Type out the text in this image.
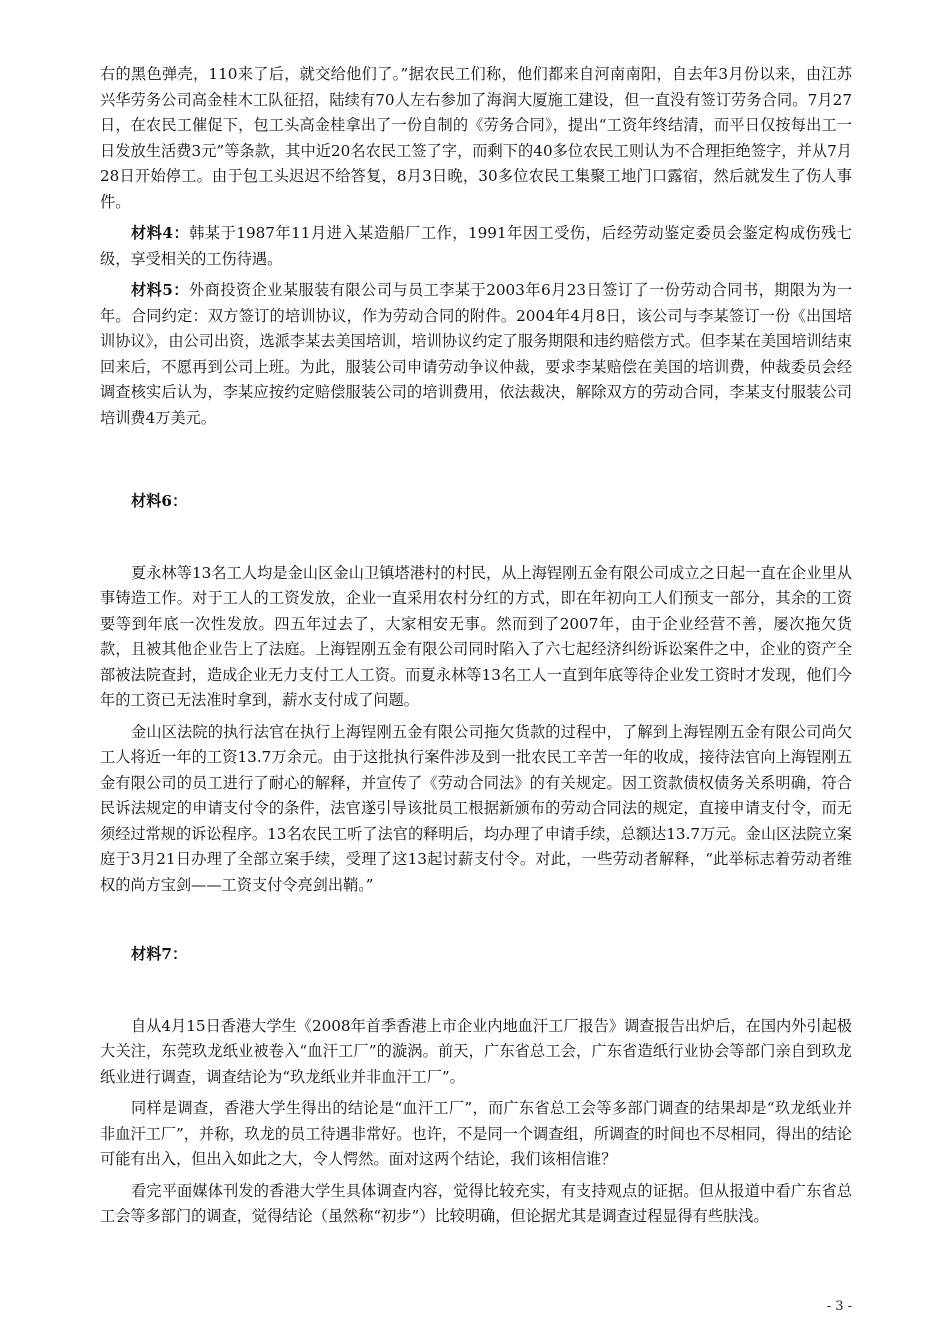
右的黑色弹壳，110来了后，就交给他们了。”据农民工们称，他们都来自河南南阳，自去年3月份以来，由江苏兴华劳务公司高金桂木工队征招，陆续有70人左右参加了海润大厦施工建设，但一直没有签订劳务合同。7月27日，在农民工催促下，包工头高金桂拿出了一份自制的《劳务合同》，提出“工资年终结清，而平日仅按每出工一日发放生活费3元”等条款，其中近20名农民工签了字，而剩下的40多位农民工则认为不合理拒绝签字，并从7月28日开始停工。由于包工头迟迟不给答复，8月3日晚，30多位农民工集聚工地门口露宿，然后就发生了伤人事件。

材料4：韩某于1987年11月进入某造船厂工作，1991年因工受伤，后经劳动鉴定委员会鉴定构成伤残七级，享受相关的工伤待遇。

材料5：外商投资企业某服装有限公司与员工李某于2003年6月23日签订了一份劳动合同书，期限为为一年。合同约定：双方签订的培训协议，作为劳动合同的附件。2004年4月8日，该公司与李某签订一份《出国培训协议》，由公司出资，选派李某去美国培训，培训协议约定了服务期限和违约赔偿方式。但李某在美国培训结束回来后，不愿再到公司上班。为此，服装公司申请劳动争议仲裁，要求李某赔偿在美国的培训费，仲裁委员会经调查核实后认为，李某应按约定赔偿服装公司的培训费用，依法裁决，解除双方的劳动合同，李某支付服装公司培训费4万美元。

材料6：

夏永林等13名工人均是金山区金山卫镇塔港村的村民，从上海锃刚五金有限公司成立之日起一直在企业里从事铸造工作。对于工人的工资发放，企业一直采用农村分红的方式，即在年初向工人们预支一部分，其余的工资要等到年底一次性发放。四五年过去了，大家相安无事。然而到了2007年，由于企业经营不善，屡次拖欠货款，且被其他企业告上了法庭。上海锃刚五金有限公司同时陷入了六七起经济纠纷诉讼案件之中，企业的资产全部被法院查封，造成企业无力支付工人工资。而夏永林等13名工人一直到年底等待企业发工资时才发现，他们今年的工资已无法准时拿到，薪水支付成了问题。

金山区法院的执行法官在执行上海锃刚五金有限公司拖欠货款的过程中，了解到上海锃刚五金有限公司尚欠工人将近一年的工资13.7万余元。由于这批执行案件涉及到一批农民工辛苦一年的收成，接待法官向上海锃刚五金有限公司的员工进行了耐心的解释，并宣传了《劳动合同法》的有关规定。因工资款债权债务关系明确，符合民诉法规定的申请支付令的条件，法官遂引导该批员工根据新颁布的劳动合同法的规定，直接申请支付令，而无须经过常规的诉讼程序。13名农民工听了法官的释明后，均办理了申请手续，总额达13.7万元。金山区法院立案庭于3月21日办理了全部立案手续，受理了这13起讨薪支付令。对此，一些劳动者解释，“此举标志着劳动者维权的尚方宝剑——工资支付令亮剑出鞘。”

材料7：

自从4月15日香港大学生《2008年首季香港上市企业内地血汗工厂报告》调查报告出炉后，在国内外引起极大关注，东莞玖龙纸业被卷入“血汗工厂”的漩涡。前天，广东省总工会，广东省造纸行业协会等部门亲自到玖龙纸业进行调查，调查结论为“玖龙纸业并非血汗工厂”。

同样是调查，香港大学生得出的结论是“血汗工厂”，而广东省总工会等多部门调查的结果却是“玖龙纸业并非血汗工厂”，并称，玖龙的员工待遇非常好。也许，不是同一个调查组，所调查的时间也不尽相同，得出的结论可能有出入，但出入如此之大，令人愕然。面对这两个结论，我们该相信谁？

看完平面媒体刊发的香港大学生具体调查内容，觉得比较充实，有支持观点的证据。但从报道中看广东省总工会等多部门的调查，觉得结论（虽然称“初步”）比较明确，但论据尤其是调查过程显得有些肤浅。

- 3 -
